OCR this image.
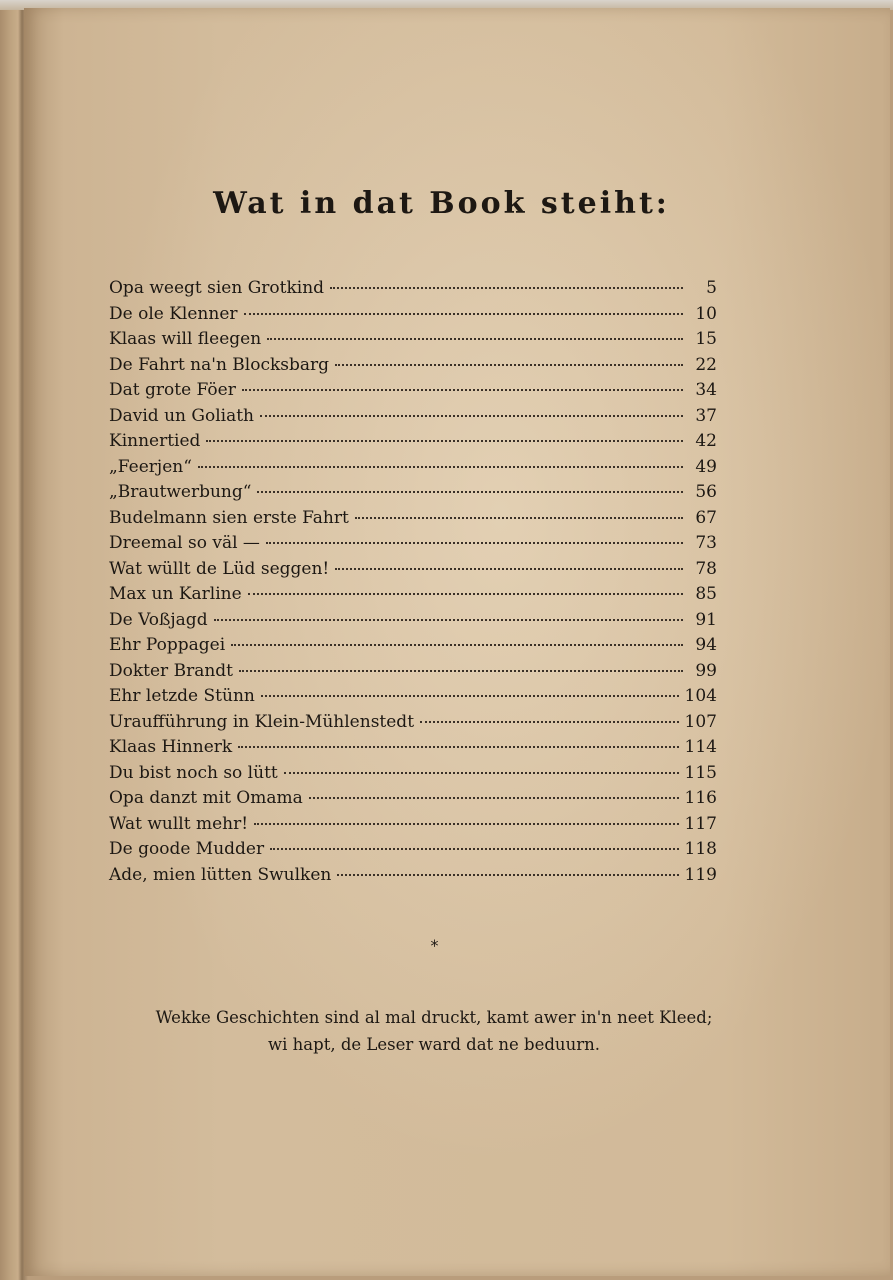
Wat in dat Book steiht:
Opa weegt sien Grotkind	5
De ole Klenner	10
Klaas will fleegen	15
De Fahrt na'n Blocksbarg	22
Dat grote Föer	34
David un Goliath	37
Kinnertied	42
„Feerjen“	49
„Brautwerbung“	56
Budelmann sien erste Fahrt	67
Dreemal so väl —	73
Wat wüllt de Lüd seggen!	78
Max un Karline	85
De Voßjagd	91
Ehr Poppagei	94
Dokter Brandt	99
Ehr letzde Stünn	104
Uraufführung in Klein-Mühlenstedt	107
Klaas Hinnerk	114
Du bist noch so lütt	115
Opa danzt mit Omama	116
Wat wullt mehr!	117
De goode Mudder	118
Ade, mien lütten Swulken	119
*
Wekke Geschichten sind al mal druckt, kamt awer in'n neet Kleed;
wi hapt, de Leser ward dat ne beduurn.
